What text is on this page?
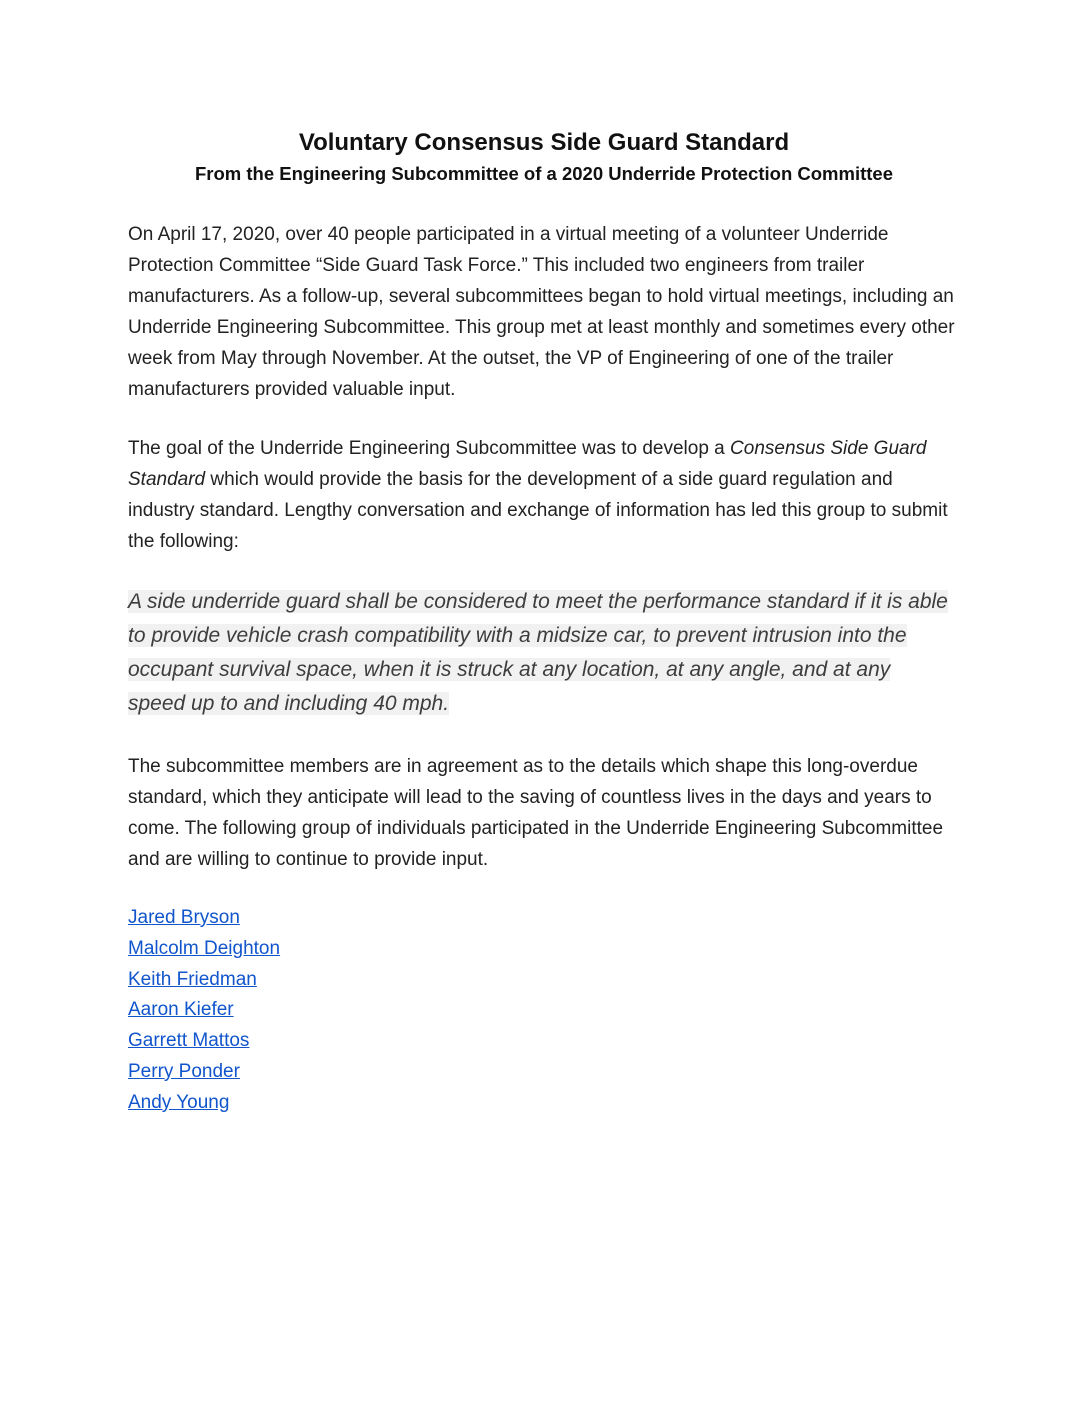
Voluntary Consensus Side Guard Standard
From the Engineering Subcommittee of a 2020 Underride Protection Committee

On April 17, 2020, over 40 people participated in a virtual meeting of a volunteer Underride Protection Committee “Side Guard Task Force.” This included two engineers from trailer manufacturers. As a follow-up, several subcommittees began to hold virtual meetings, including an Underride Engineering Subcommittee. This group met at least monthly and sometimes every other week from May through November. At the outset, the VP of Engineering of one of the trailer manufacturers provided valuable input.

The goal of the Underride Engineering Subcommittee was to develop a Consensus Side Guard Standard which would provide the basis for the development of a side guard regulation and industry standard. Lengthy conversation and exchange of information has led this group to submit the following:

A side underride guard shall be considered to meet the performance standard if it is able to provide vehicle crash compatibility with a midsize car, to prevent intrusion into the occupant survival space, when it is struck at any location, at any angle, and at any speed up to and including 40 mph.

The subcommittee members are in agreement as to the details which shape this long-overdue standard, which they anticipate will lead to the saving of countless lives in the days and years to come. The following group of individuals participated in the Underride Engineering Subcommittee and are willing to continue to provide input.

Jared Bryson
Malcolm Deighton
Keith Friedman
Aaron Kiefer
Garrett Mattos
Perry Ponder
Andy Young
